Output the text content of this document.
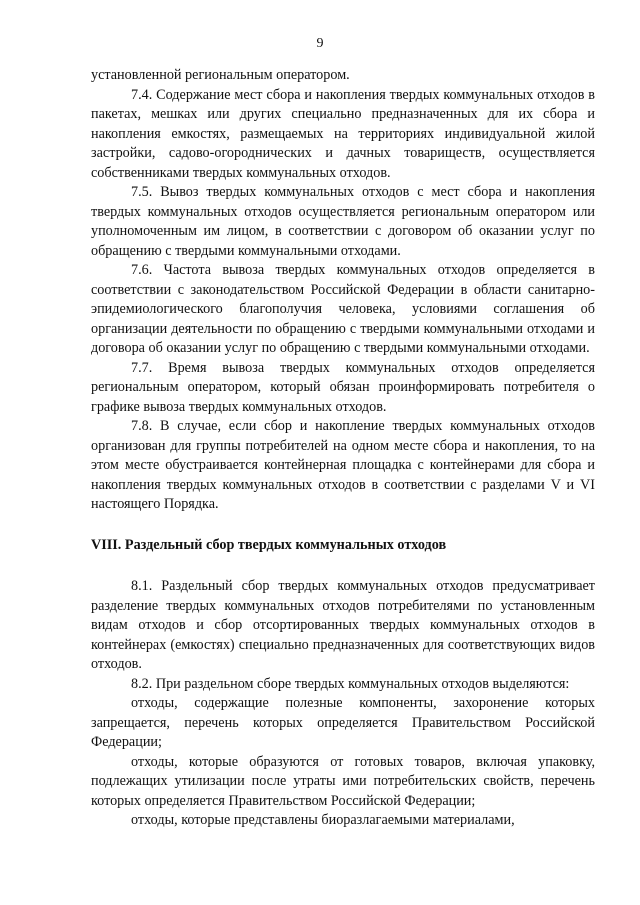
9

установленной региональным оператором.

7.4. Содержание мест сбора и накопления твердых коммунальных отходов в пакетах, мешках или других специально предназначенных для их сбора и накопления емкостях, размещаемых на территориях индивидуальной жилой застройки, садово-огороднических и дачных товариществ, осуществляется собственниками твердых коммунальных отходов.

7.5. Вывоз твердых коммунальных отходов с мест сбора и накопления твердых коммунальных отходов осуществляется региональным оператором или уполномоченным им лицом, в соответствии с договором об оказании услуг по обращению с твердыми коммунальными отходами.

7.6. Частота вывоза твердых коммунальных отходов определяется в соответствии с законодательством Российской Федерации в области санитарно-эпидемиологического благополучия человека, условиями соглашения об организации деятельности по обращению с твердыми коммунальными отходами и договора об оказании услуг по обращению с твердыми коммунальными отходами.

7.7. Время вывоза твердых коммунальных отходов определяется региональным оператором, который обязан проинформировать потребителя о графике вывоза твердых коммунальных отходов.

7.8. В случае, если сбор и накопление твердых коммунальных отходов организован для группы потребителей на одном месте сбора и накопления, то на этом месте обустраивается контейнерная площадка с контейнерами для сбора и накопления твердых коммунальных отходов в соответствии с разделами V и VI настоящего Порядка.

VIII. Раздельный сбор твердых коммунальных отходов

8.1. Раздельный сбор твердых коммунальных отходов предусматривает разделение твердых коммунальных отходов потребителями по установленным видам отходов и сбор отсортированных твердых коммунальных отходов в контейнерах (емкостях) специально предназначенных для соответствующих видов отходов.

8.2. При раздельном сборе твердых коммунальных отходов выделяются:

отходы, содержащие полезные компоненты, захоронение которых запрещается, перечень которых определяется Правительством Российской Федерации;

отходы, которые образуются от готовых товаров, включая упаковку, подлежащих утилизации после утраты ими потребительских свойств, перечень которых определяется Правительством Российской Федерации;

отходы, которые представлены биоразлагаемыми материалами,
